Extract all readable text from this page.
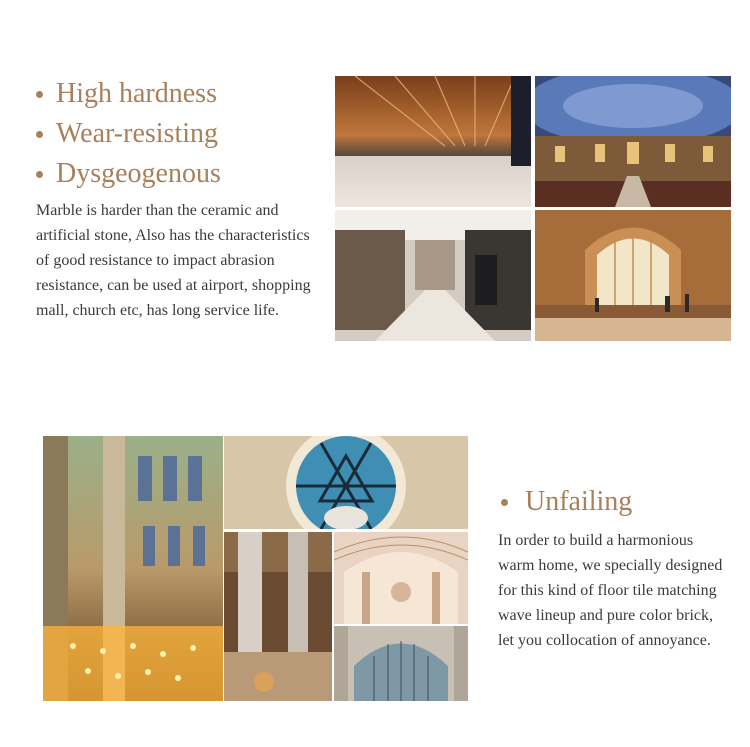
High hardness
Wear-resisting
Dysgeogenous
Marble is harder than the ceramic and artificial stone, Also has the characteristics of good resistance to impact abrasion resistance, can be used at airport, shopping mall, church etc, has long service life.
Unfailing
In order to build a harmonious warm home, we specially designed for this kind of floor tile matching wave lineup and pure color brick, let you collocation of annoyance.
